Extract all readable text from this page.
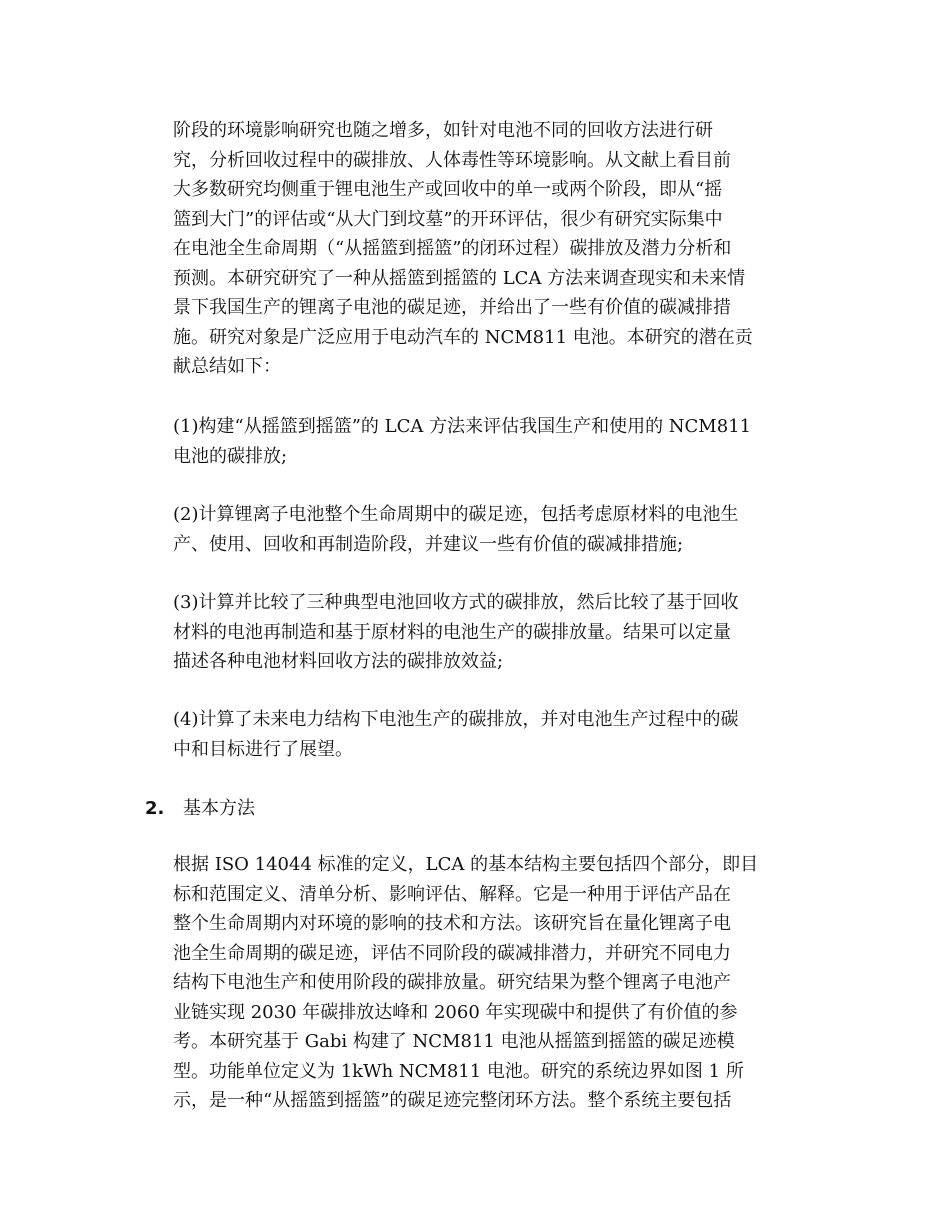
阶段的环境影响研究也随之增多，如针对电池不同的回收方法进行研
究，分析回收过程中的碳排放、人体毒性等环境影响。从文献上看目前
大多数研究均侧重于锂电池生产或回收中的单一或两个阶段，即从“摇
篮到大门”的评估或“从大门到坟墓”的开环评估，很少有研究实际集中
在电池全生命周期（“从摇篮到摇篮”的闭环过程）碳排放及潜力分析和
预测。本研究研究了一种从摇篮到摇篮的 LCA 方法来调查现实和未来情
景下我国生产的锂离子电池的碳足迹，并给出了一些有价值的碳减排措
施。研究对象是广泛应用于电动汽车的 NCM811 电池。本研究的潜在贡
献总结如下：
(1)构建“从摇篮到摇篮”的 LCA 方法来评估我国生产和使用的 NCM811
电池的碳排放;
(2)计算锂离子电池整个生命周期中的碳足迹，包括考虑原材料的电池生
产、使用、回收和再制造阶段，并建议一些有价值的碳减排措施;
(3)计算并比较了三种典型电池回收方式的碳排放，然后比较了基于回收
材料的电池再制造和基于原材料的电池生产的碳排放量。结果可以定量
描述各种电池材料回收方法的碳排放效益;
(4)计算了未来电力结构下电池生产的碳排放，并对电池生产过程中的碳
中和目标进行了展望。
2. 基本方法
根据 ISO 14044 标准的定义，LCA 的基本结构主要包括四个部分，即目
标和范围定义、清单分析、影响评估、解释。它是一种用于评估产品在
整个生命周期内对环境的影响的技术和方法。该研究旨在量化锂离子电
池全生命周期的碳足迹，评估不同阶段的碳减排潜力，并研究不同电力
结构下电池生产和使用阶段的碳排放量。研究结果为整个锂离子电池产
业链实现 2030 年碳排放达峰和 2060 年实现碳中和提供了有价值的参
考。本研究基于 Gabi 构建了 NCM811 电池从摇篮到摇篮的碳足迹模
型。功能单位定义为 1kWh NCM811 电池。研究的系统边界如图 1 所
示，是一种“从摇篮到摇篮”的碳足迹完整闭环方法。整个系统主要包括
